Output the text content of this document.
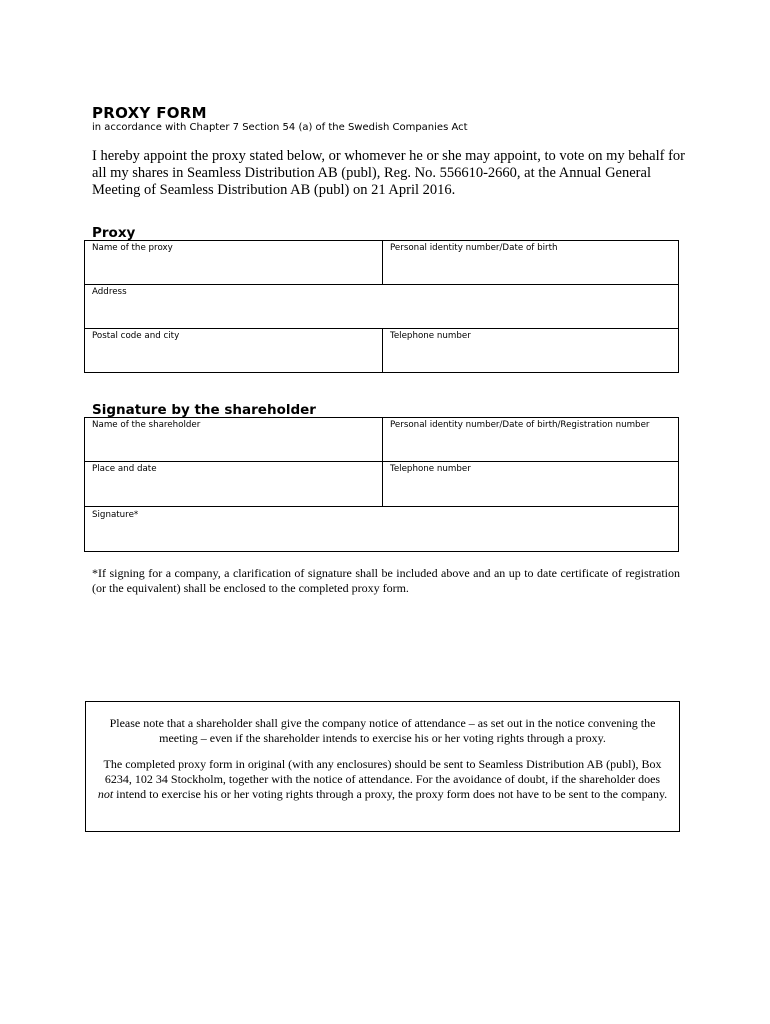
PROXY FORM
in accordance with Chapter 7 Section 54 (a) of the Swedish Companies Act
I hereby appoint the proxy stated below, or whomever he or she may appoint, to vote on my behalf for all my shares in Seamless Distribution AB (publ), Reg. No. 556610-2660, at the Annual General Meeting of Seamless Distribution AB (publ) on 21 April 2016.
Proxy
Name of the proxy	Personal identity number/Date of birth
Address
Postal code and city	Telephone number
Signature by the shareholder
Name of the shareholder	Personal identity number/Date of birth/Registration number
Place and date	Telephone number
Signature*
*If signing for a company, a clarification of signature shall be included above and an up to date certificate of registration (or the equivalent) shall be enclosed to the completed proxy form.

Please note that a shareholder shall give the company notice of attendance – as set out in the notice convening the meeting – even if the shareholder intends to exercise his or her voting rights through a proxy.

The completed proxy form in original (with any enclosures) should be sent to Seamless Distribution AB (publ), Box 6234, 102 34 Stockholm, together with the notice of attendance. For the avoidance of doubt, if the shareholder does not intend to exercise his or her voting rights through a proxy, the proxy form does not have to be sent to the company.
